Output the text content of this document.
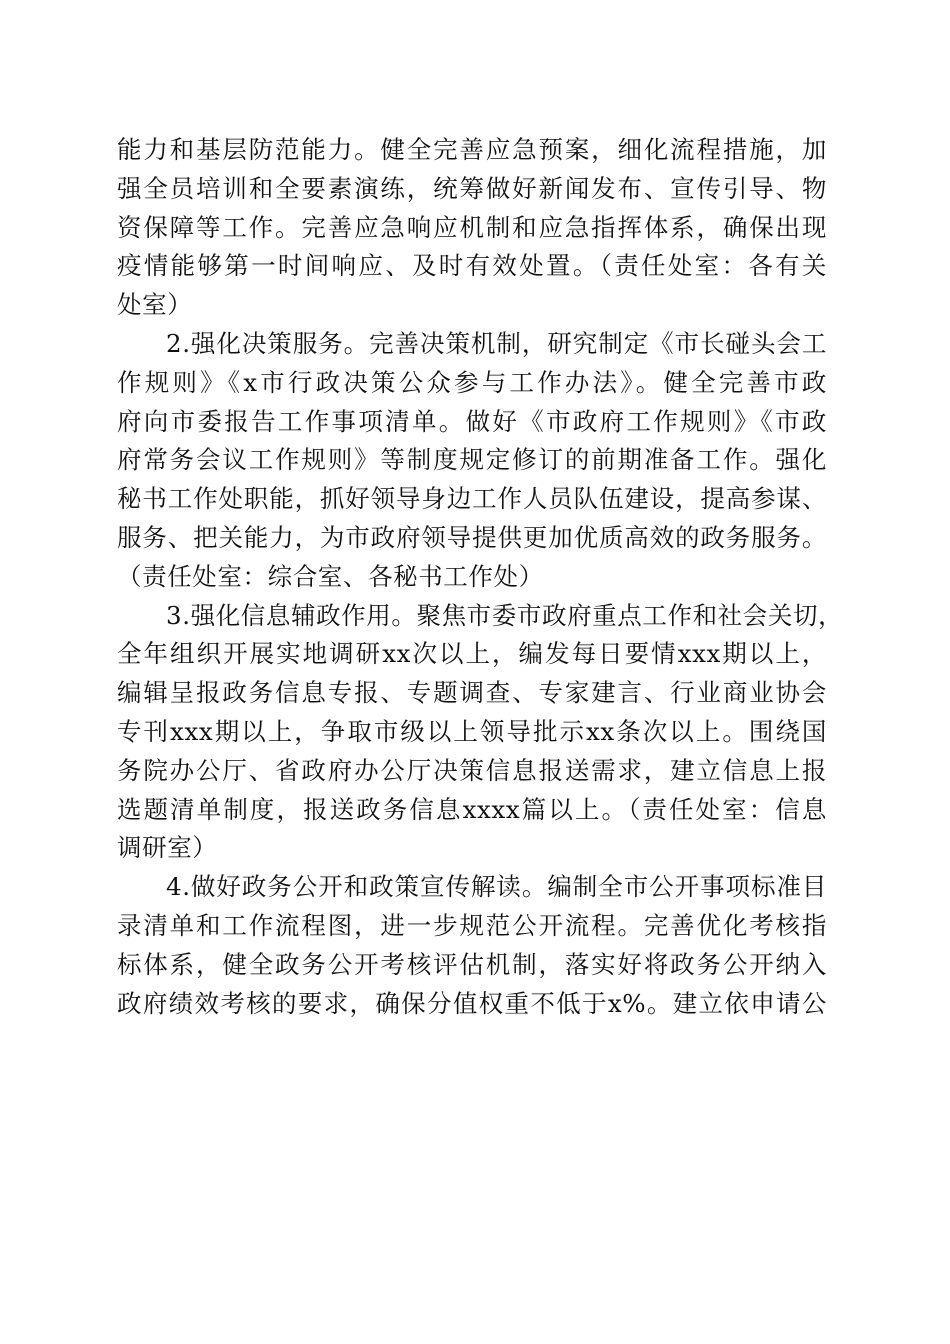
能力和基层防范能力。健全完善应急预案，细化流程措施，加
强全员培训和全要素演练，统筹做好新闻发布、宣传引导、物
资保障等工作。完善应急响应机制和应急指挥体系，确保出现
疫情能够第一时间响应、及时有效处置。（责任处室：各有关
处室）
2.强化决策服务。完善决策机制，研究制定《市长碰头会工
作规则》《x市行政决策公众参与工作办法》。健全完善市政
府向市委报告工作事项清单。做好《市政府工作规则》《市政
府常务会议工作规则》等制度规定修订的前期准备工作。强化
秘书工作处职能，抓好领导身边工作人员队伍建设，提高参谋、
服务、把关能力，为市政府领导提供更加优质高效的政务服务。
（责任处室：综合室、各秘书工作处）
3.强化信息辅政作用。聚焦市委市政府重点工作和社会关切，
全年组织开展实地调研xx次以上，编发每日要情xxx期以上，
编辑呈报政务信息专报、专题调查、专家建言、行业商业协会
专刊xxx期以上，争取市级以上领导批示xx条次以上。围绕国
务院办公厅、省政府办公厅决策信息报送需求，建立信息上报
选题清单制度，报送政务信息xxxx篇以上。（责任处室：信息
调研室）
4.做好政务公开和政策宣传解读。编制全市公开事项标准目
录清单和工作流程图，进一步规范公开流程。完善优化考核指
标体系，健全政务公开考核评估机制，落实好将政务公开纳入
政府绩效考核的要求，确保分值权重不低于x%。建立依申请公
